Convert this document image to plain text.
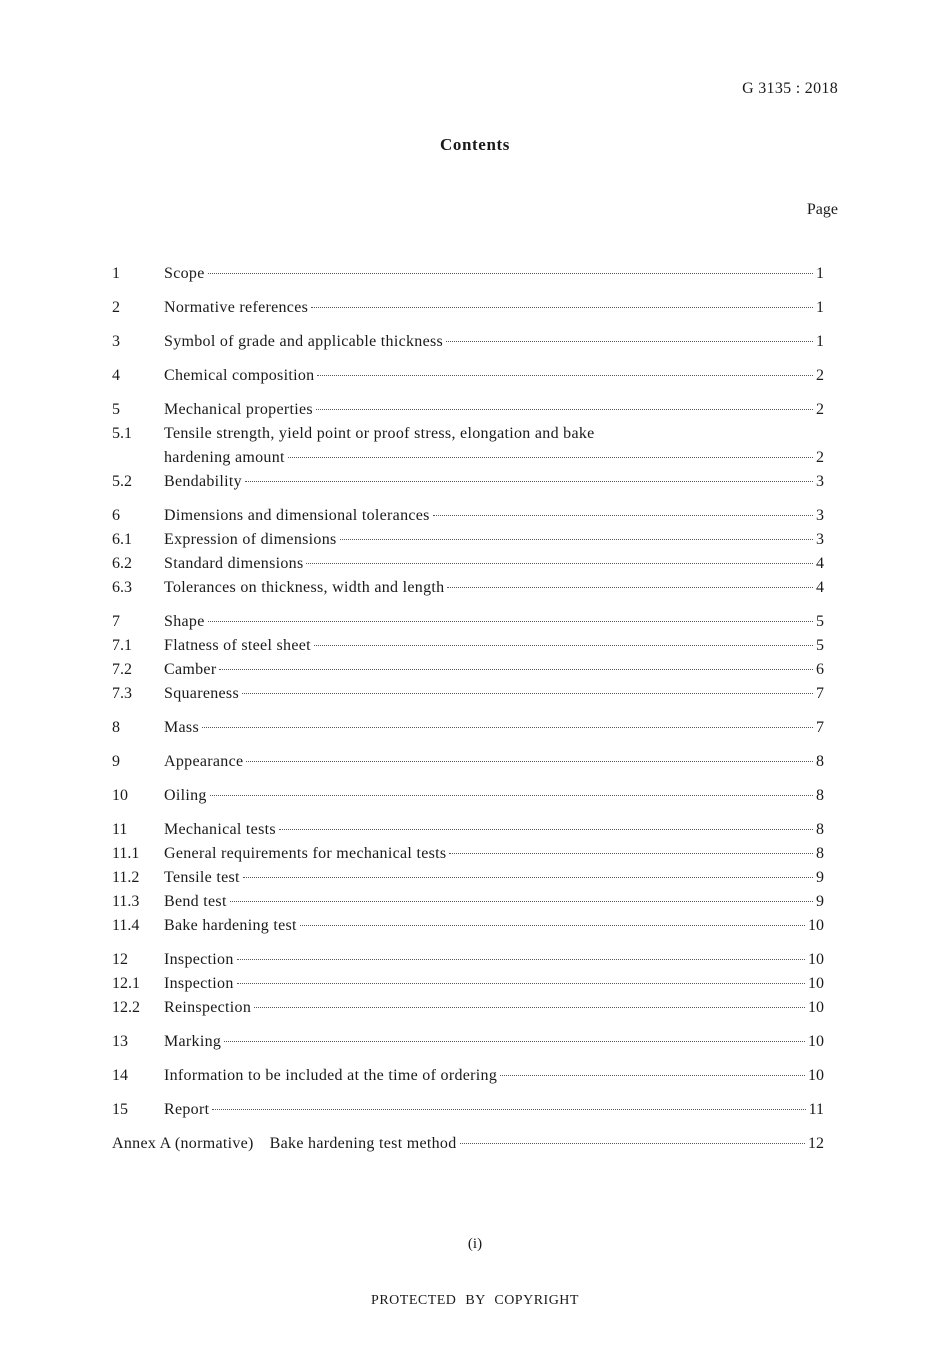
G 3135 : 2018
Contents
Page
1	Scope	1
2	Normative references	1
3	Symbol of grade and applicable thickness	1
4	Chemical composition	2
5	Mechanical properties	2
5.1	Tensile strength, yield point or proof stress, elongation and bake
hardening amount	2
5.2	Bendability	3
6	Dimensions and dimensional tolerances	3
6.1	Expression of dimensions	3
6.2	Standard dimensions	4
6.3	Tolerances on thickness, width and length	4
7	Shape	5
7.1	Flatness of steel sheet	5
7.2	Camber	6
7.3	Squareness	7
8	Mass	7
9	Appearance	8
10	Oiling	8
11	Mechanical tests	8
11.1	General requirements for mechanical tests	8
11.2	Tensile test	9
11.3	Bend test	9
11.4	Bake hardening test	10
12	Inspection	10
12.1	Inspection	10
12.2	Reinspection	10
13	Marking	10
14	Information to be included at the time of ordering	10
15	Report	11
Annex A (normative) Bake hardening test method	12
(i)
PROTECTED BY COPYRIGHT
